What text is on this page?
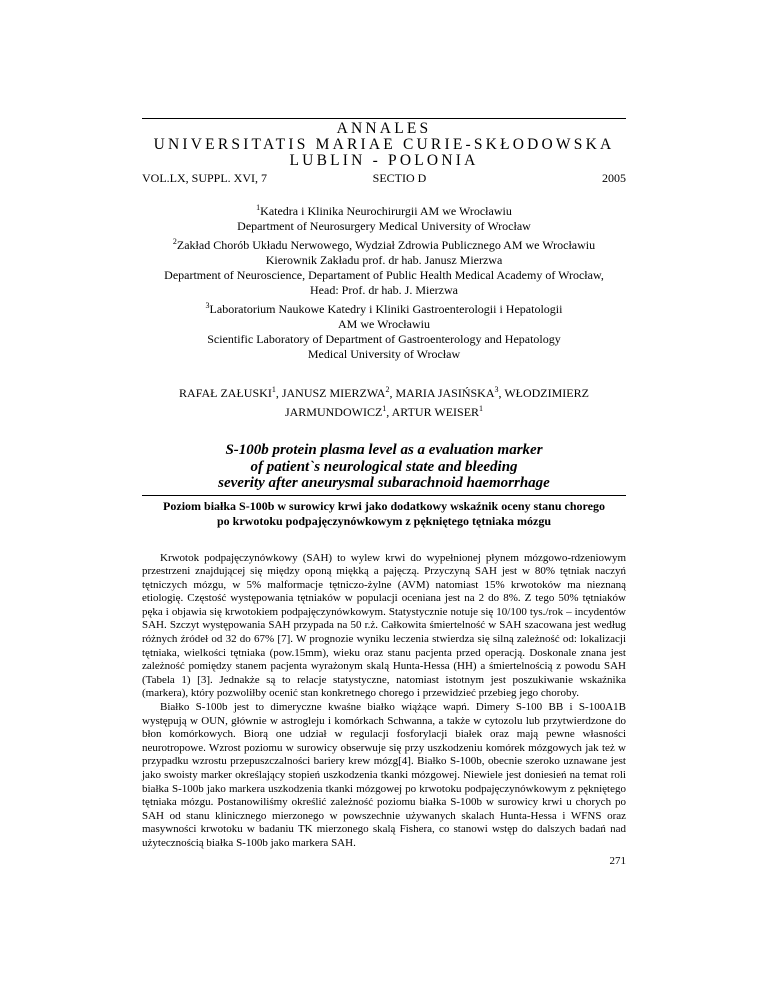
ANNALES
UNIVERSITATIS MARIAE CURIE-SKŁODOWSKA
LUBLIN - POLONIA
VOL.LX, SUPPL. XVI, 7	SECTIO D	2005
$^1$Katedra i Klinika Neurochirurgii AM we Wrocławiu
Department of Neurosurgery Medical University of Wrocław
$^2$Zakład Chorób Układu Nerwowego, Wydział Zdrowia Publicznego AM we Wrocławiu
Kierownik Zakładu prof. dr hab. Janusz Mierzwa
Department of Neuroscience, Departament of Public Health Medical Academy of Wrocław,
Head: Prof. dr hab. J. Mierzwa
$^3$Laboratorium Naukowe Katedry i Kliniki Gastroenterologii i Hepatologii
AM we Wrocławiu
Scientific Laboratory of Department of Gastroenterology and Hepatology
Medical University of Wrocław
RAFAŁ ZAŁUSKI$^1$, JANUSZ MIERZWA$^2$, MARIA JASIŃSKA$^3$, WŁODZIMIERZ
JARMUNDOWICZ$^1$, ARTUR WEISER$^1$
S-100b protein plasma level as a evaluation marker
of patient`s neurological state and bleeding
severity after aneurysmal subarachnoid haemorrhage
Poziom białka S-100b w surowicy krwi jako dodatkowy wskaźnik oceny stanu chorego
po krwotoku podpajęczynówkowym z pękniętego tętniaka mózgu

Krwotok podpajęczynówkowy (SAH) to wylew krwi do wypełnionej płynem mózgowo-rdzeniowym przestrzeni znajdującej się między oponą miękką a pajęczą. Przyczyną SAH jest w 80% tętniak naczyń tętniczych mózgu, w 5% malformacje tętniczo-żylne (AVM) natomiast 15% krwotoków ma nieznaną etiologię. Częstość występowania tętniaków w populacji oceniana jest na 2 do 8%. Z tego 50% tętniaków pęka i objawia się krwotokiem podpajęczynówkowym. Statystycznie notuje się 10/100 tys./rok – incydentów SAH. Szczyt występowania SAH przypada na 50 r.ż. Całkowita śmiertelność w SAH szacowana jest według różnych źródeł od 32 do 67% [7]. W prognozie wyniku leczenia stwierdza się silną zależność od: lokalizacji tętniaka, wielkości tętniaka (pow.15mm), wieku oraz stanu pacjenta przed operacją. Doskonale znana jest zależność pomiędzy stanem pacjenta wyrażonym skalą Hunta-Hessa (HH) a śmiertelnością z powodu SAH (Tabela 1) [3]. Jednakże są to relacje statystyczne, natomiast istotnym jest poszukiwanie wskaźnika (markera), który pozwoliłby ocenić stan konkretnego chorego i przewidzieć przebieg jego choroby.

Białko S-100b jest to dimeryczne kwaśne białko wiążące wapń. Dimery S-100 BB i S-100A1B występują w OUN, głównie w astrogleju i komórkach Schwanna, a także w cytozolu lub przytwierdzone do błon komórkowych. Biorą one udział w regulacji fosforylacji białek oraz mają pewne własności neurotropowe. Wzrost poziomu w surowicy obserwuje się przy uszkodzeniu komórek mózgowych jak też w przypadku wzrostu przepuszczalności bariery krew mózg[4]. Białko S-100b, obecnie szeroko uznawane jest jako swoisty marker określający stopień uszkodzenia tkanki mózgowej. Niewiele jest doniesień na temat roli białka S-100b jako markera uszkodzenia tkanki mózgowej po krwotoku podpajęczynówkowym z pękniętego tętniaka mózgu. Postanowiliśmy określić zależność poziomu białka S-100b w surowicy krwi u chorych po SAH od stanu klinicznego mierzonego w powszechnie używanych skalach Hunta-Hessa i WFNS oraz masywności krwotoku w badaniu TK mierzonego skalą Fishera, co stanowi wstęp do dalszych badań nad użytecznością białka S-100b jako markera SAH.

271
